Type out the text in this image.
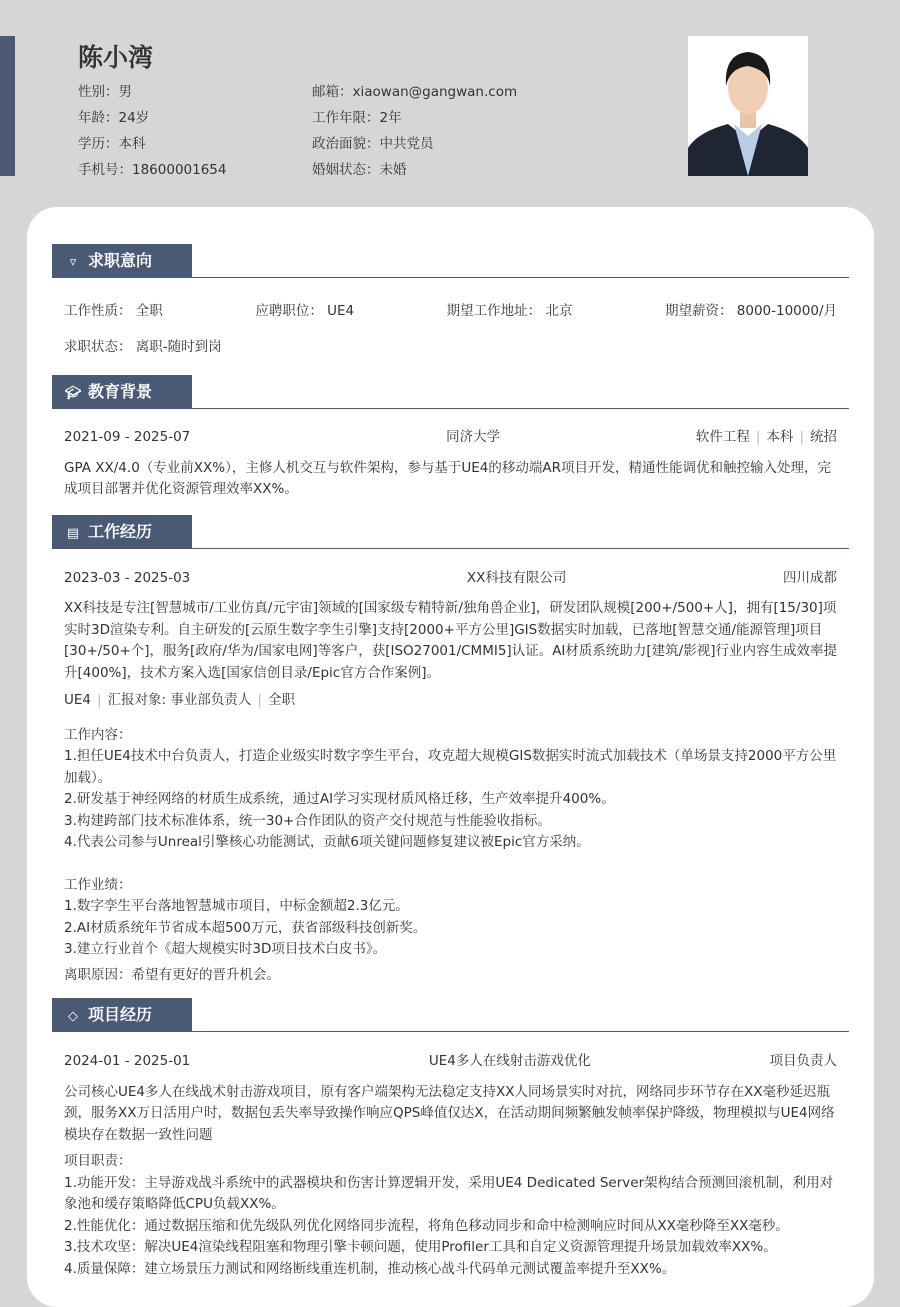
陈小湾
性别：男
年龄：24岁
学历：本科
手机号：18600001654
邮箱：xiaowan@gangwan.com
工作年限：2年
政治面貌：中共党员
婚姻状态：未婚
▿ 求职意向
工作性质： 全职	应聘职位： UE4	期望工作地址： 北京	期望薪资： 8000-10000/月
求职状态： 离职-随时到岗
🎓︎ 教育背景
2021-09 - 2025-07	同济大学	软件工程 | 本科 | 统招

GPA XX/4.0（专业前XX%），主修人机交互与软件架构，参与基于UE4的移动端AR项目开发，精通性能调优和触控输入处理，完成项目部署并优化资源管理效率XX%。

▤ 工作经历
2023-03 - 2025-03	XX科技有限公司	四川成都

XX科技是专注[智慧城市/工业仿真/元宇宙]领域的[国家级专精特新/独角兽企业]，研发团队规模[200+/500+人]，拥有[15/30]项实时3D渲染专利。自主研发的[云原生数字孪生引擎]支持[2000+平方公里]GIS数据实时加载，已落地[智慧交通/能源管理]项目[30+/50+个]，服务[政府/华为/国家电网]等客户，获[ISO27001/CMMI5]认证。AI材质系统助力[建筑/影视]行业内容生成效率提升[400%]，技术方案入选[国家信创目录/Epic官方合作案例]。

UE4 | 汇报对象: 事业部负责人 | 全职
工作内容：
1.担任UE4技术中台负责人，打造企业级实时数字孪生平台，攻克超大规模GIS数据实时流式加载技术（单场景支持2000平方公里加载）。
2.研发基于神经网络的材质生成系统，通过AI学习实现材质风格迁移，生产效率提升400%。
3.构建跨部门技术标准体系，统一30+合作团队的资产交付规范与性能验收指标。
4.代表公司参与Unreal引擎核心功能测试，贡献6项关键问题修复建议被Epic官方采纳。
工作业绩：
1.数字孪生平台落地智慧城市项目，中标金额超2.3亿元。
2.AI材质系统年节省成本超500万元，获省部级科技创新奖。
3.建立行业首个《超大规模实时3D项目技术白皮书》。
离职原因：希望有更好的晋升机会。
◇ 项目经历
2024-01 - 2025-01	UE4多人在线射击游戏优化	项目负责人

公司核心UE4多人在线战术射击游戏项目，原有客户端架构无法稳定支持XX人同场景实时对抗，网络同步环节存在XX毫秒延迟瓶颈，服务XX万日活用户时，数据包丢失率导致操作响应QPS峰值仅达X，在活动期间频繁触发帧率保护降级，物理模拟与UE4网络模块存在数据一致性问题

项目职责：
1.功能开发：主导游戏战斗系统中的武器模块和伤害计算逻辑开发，采用UE4 Dedicated Server架构结合预测回滚机制，利用对象池和缓存策略降低CPU负载XX%。
2.性能优化：通过数据压缩和优先级队列优化网络同步流程，将角色移动同步和命中检测响应时间从XX毫秒降至XX毫秒。
3.技术攻坚：解决UE4渲染线程阻塞和物理引擎卡顿问题，使用Profiler工具和自定义资源管理提升场景加载效率XX%。
4.质量保障：建立场景压力测试和网络断线重连机制，推动核心战斗代码单元测试覆盖率提升至XX%。
